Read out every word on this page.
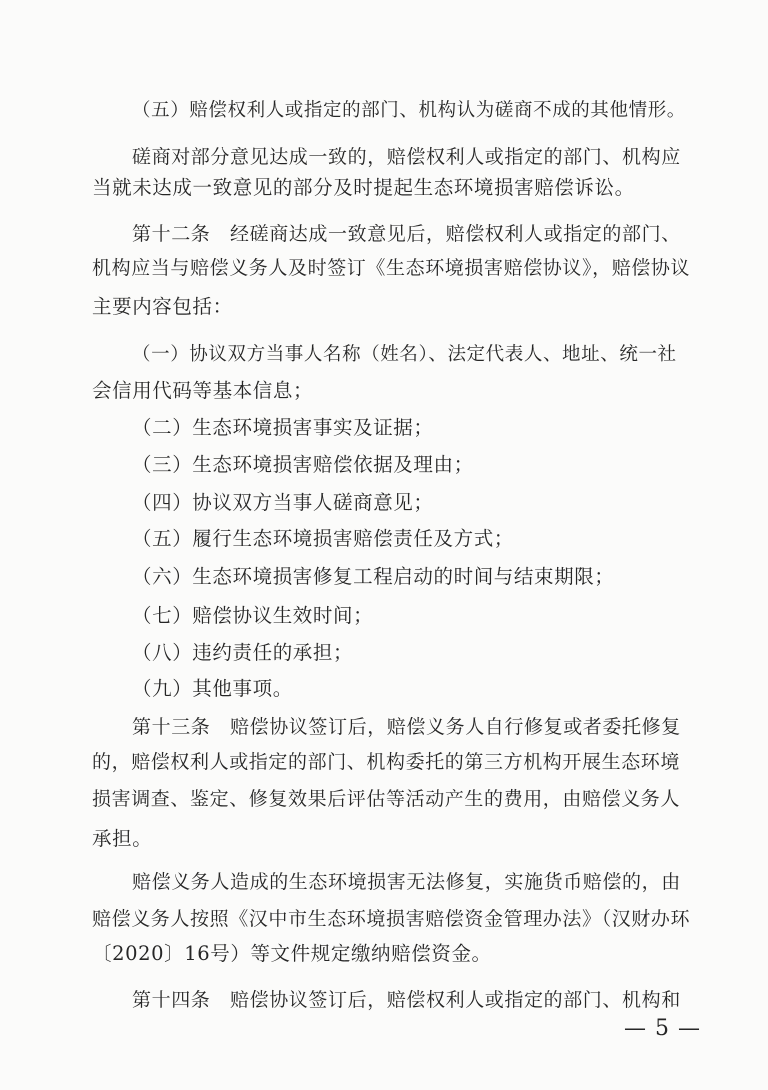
（五）赔偿权利人或指定的部门、机构认为磋商不成的其他情形。
磋商对部分意见达成一致的，赔偿权利人或指定的部门、机构应
当就未达成一致意见的部分及时提起生态环境损害赔偿诉讼。
第十二条　经磋商达成一致意见后，赔偿权利人或指定的部门、
机构应当与赔偿义务人及时签订《生态环境损害赔偿协议》，赔偿协议
主要内容包括：
（一）协议双方当事人名称（姓名）、法定代表人、地址、统一社
会信用代码等基本信息；
（二）生态环境损害事实及证据；
（三）生态环境损害赔偿依据及理由；
（四）协议双方当事人磋商意见；
（五）履行生态环境损害赔偿责任及方式；
（六）生态环境损害修复工程启动的时间与结束期限；
（七）赔偿协议生效时间；
（八）违约责任的承担；
（九）其他事项。
第十三条　赔偿协议签订后，赔偿义务人自行修复或者委托修复
的，赔偿权利人或指定的部门、机构委托的第三方机构开展生态环境
损害调查、鉴定、修复效果后评估等活动产生的费用，由赔偿义务人
承担。
赔偿义务人造成的生态环境损害无法修复，实施货币赔偿的，由
赔偿义务人按照《汉中市生态环境损害赔偿资金管理办法》（汉财办环
〔2020〕16号）等文件规定缴纳赔偿资金。
第十四条　赔偿协议签订后，赔偿权利人或指定的部门、机构和
— 5 —
